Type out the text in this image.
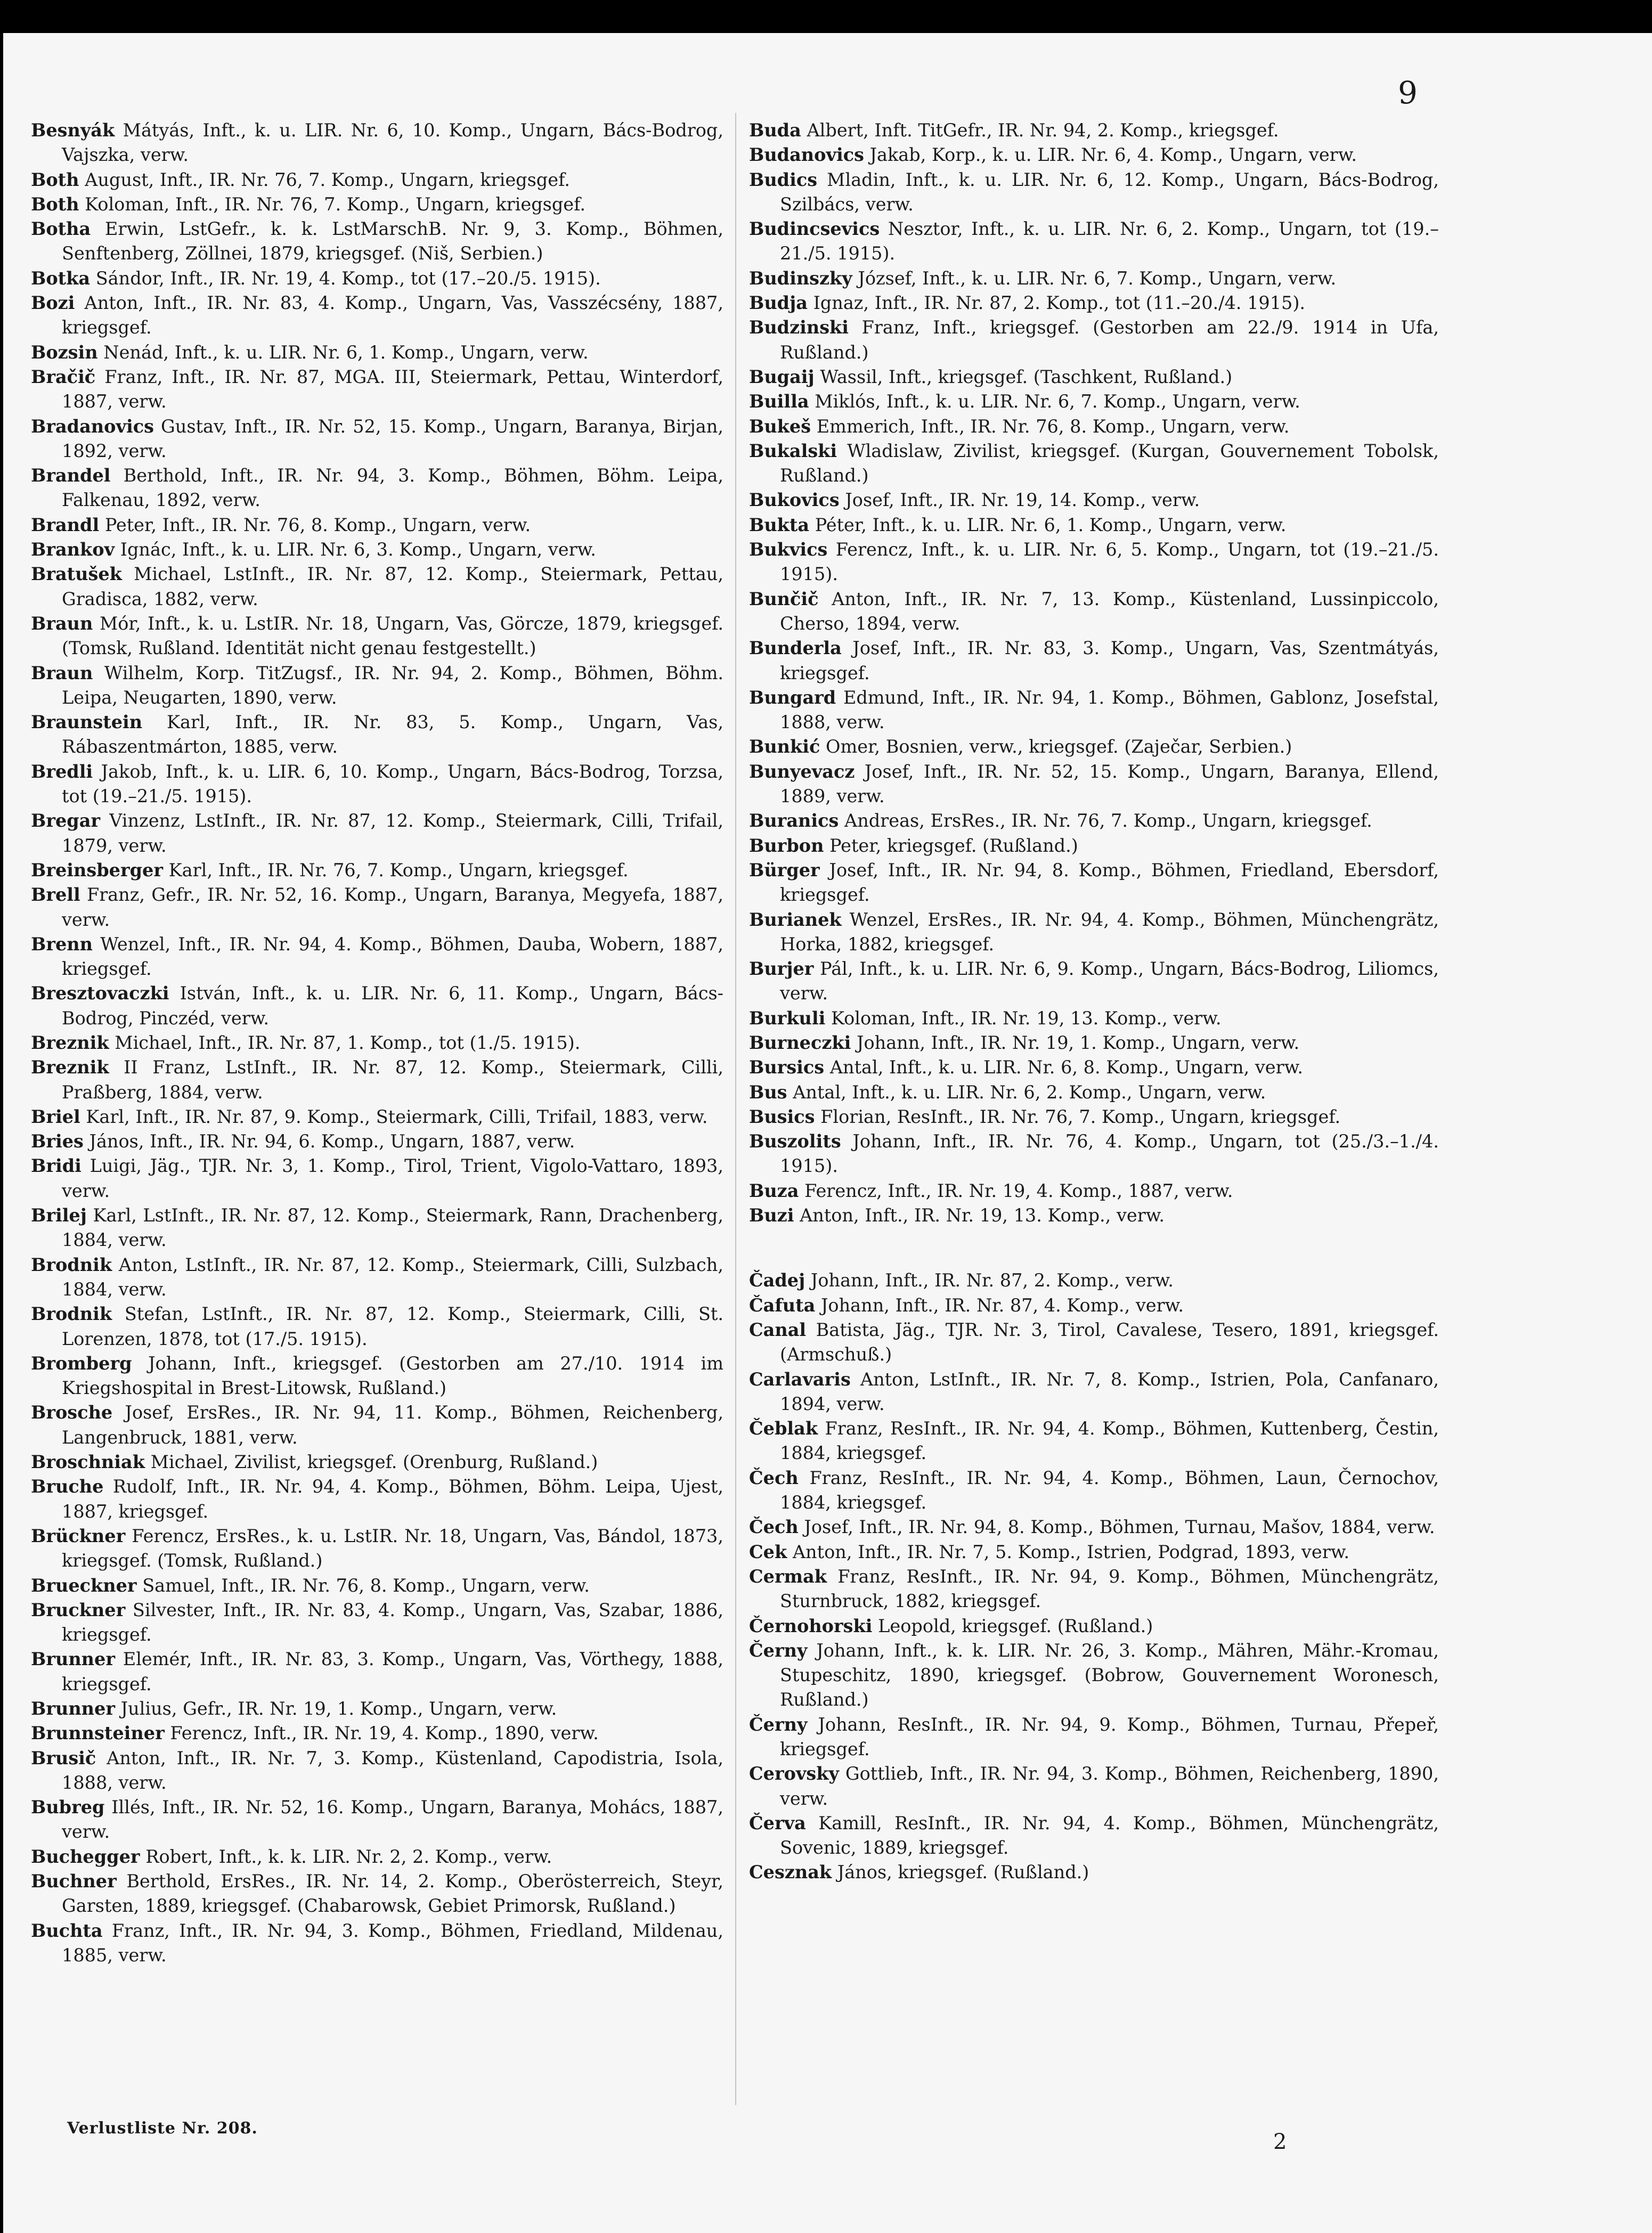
9

Besnyák Mátyás, Inft., k. u. LIR. Nr. 6, 10. Komp., Ungarn, Bács-Bodrog, Vajszka, verw.

Both August, Inft., IR. Nr. 76, 7. Komp., Ungarn, kriegsgef.

Both Koloman, Inft., IR. Nr. 76, 7. Komp., Ungarn, kriegsgef.

Botha Erwin, LstGefr., k. k. LstMarschB. Nr. 9, 3. Komp., Böhmen, Senftenberg, Zöllnei, 1879, kriegsgef. (Niš, Serbien.)

Botka Sándor, Inft., IR. Nr. 19, 4. Komp., tot (17.–20./5. 1915).

Bozi Anton, Inft., IR. Nr. 83, 4. Komp., Ungarn, Vas, Vasszécsény, 1887, kriegsgef.

Bozsin Nenád, Inft., k. u. LIR. Nr. 6, 1. Komp., Ungarn, verw.

Bračič Franz, Inft., IR. Nr. 87, MGA. III, Steiermark, Pettau, Winterdorf, 1887, verw.

Bradanovics Gustav, Inft., IR. Nr. 52, 15. Komp., Ungarn, Baranya, Birjan, 1892, verw.

Brandel Berthold, Inft., IR. Nr. 94, 3. Komp., Böhmen, Böhm. Leipa, Falkenau, 1892, verw.

Brandl Peter, Inft., IR. Nr. 76, 8. Komp., Ungarn, verw.

Brankov Ignác, Inft., k. u. LIR. Nr. 6, 3. Komp., Ungarn, verw.

Bratušek Michael, LstInft., IR. Nr. 87, 12. Komp., Steiermark, Pettau, Gradisca, 1882, verw.

Braun Mór, Inft., k. u. LstIR. Nr. 18, Ungarn, Vas, Görcze, 1879, kriegsgef. (Tomsk, Rußland. Identität nicht genau festgestellt.)

Braun Wilhelm, Korp. TitZugsf., IR. Nr. 94, 2. Komp., Böhmen, Böhm. Leipa, Neugarten, 1890, verw.

Braunstein Karl, Inft., IR. Nr. 83, 5. Komp., Ungarn, Vas, Rábaszentmárton, 1885, verw.

Bredli Jakob, Inft., k. u. LIR. 6, 10. Komp., Ungarn, Bács-Bodrog, Torzsa, tot (19.–21./5. 1915).

Bregar Vinzenz, LstInft., IR. Nr. 87, 12. Komp., Steiermark, Cilli, Trifail, 1879, verw.

Breinsberger Karl, Inft., IR. Nr. 76, 7. Komp., Ungarn, kriegsgef.

Brell Franz, Gefr., IR. Nr. 52, 16. Komp., Ungarn, Baranya, Megyefa, 1887, verw.

Brenn Wenzel, Inft., IR. Nr. 94, 4. Komp., Böhmen, Dauba, Wobern, 1887, kriegsgef.

Bresztovaczki István, Inft., k. u. LIR. Nr. 6, 11. Komp., Ungarn, Bács-Bodrog, Pinczéd, verw.

Breznik Michael, Inft., IR. Nr. 87, 1. Komp., tot (1./5. 1915).

Breznik II Franz, LstInft., IR. Nr. 87, 12. Komp., Steiermark, Cilli, Praßberg, 1884, verw.

Briel Karl, Inft., IR. Nr. 87, 9. Komp., Steiermark, Cilli, Trifail, 1883, verw.

Bries János, Inft., IR. Nr. 94, 6. Komp., Ungarn, 1887, verw.

Bridi Luigi, Jäg., TJR. Nr. 3, 1. Komp., Tirol, Trient, Vigolo-Vattaro, 1893, verw.

Brilej Karl, LstInft., IR. Nr. 87, 12. Komp., Steiermark, Rann, Drachenberg, 1884, verw.

Brodnik Anton, LstInft., IR. Nr. 87, 12. Komp., Steiermark, Cilli, Sulzbach, 1884, verw.

Brodnik Stefan, LstInft., IR. Nr. 87, 12. Komp., Steiermark, Cilli, St. Lorenzen, 1878, tot (17./5. 1915).

Bromberg Johann, Inft., kriegsgef. (Gestorben am 27./10. 1914 im Kriegshospital in Brest-Litowsk, Rußland.)

Brosche Josef, ErsRes., IR. Nr. 94, 11. Komp., Böhmen, Reichenberg, Langenbruck, 1881, verw.

Broschniak Michael, Zivilist, kriegsgef. (Orenburg, Rußland.)

Bruche Rudolf, Inft., IR. Nr. 94, 4. Komp., Böhmen, Böhm. Leipa, Ujest, 1887, kriegsgef.

Brückner Ferencz, ErsRes., k. u. LstIR. Nr. 18, Ungarn, Vas, Bándol, 1873, kriegsgef. (Tomsk, Rußland.)

Brueckner Samuel, Inft., IR. Nr. 76, 8. Komp., Ungarn, verw.

Bruckner Silvester, Inft., IR. Nr. 83, 4. Komp., Ungarn, Vas, Szabar, 1886, kriegsgef.

Brunner Elemér, Inft., IR. Nr. 83, 3. Komp., Ungarn, Vas, Vörthegy, 1888, kriegsgef.

Brunner Julius, Gefr., IR. Nr. 19, 1. Komp., Ungarn, verw.

Brunnsteiner Ferencz, Inft., IR. Nr. 19, 4. Komp., 1890, verw.

Brusič Anton, Inft., IR. Nr. 7, 3. Komp., Küstenland, Capodistria, Isola, 1888, verw.

Bubreg Illés, Inft., IR. Nr. 52, 16. Komp., Ungarn, Baranya, Mohács, 1887, verw.

Buchegger Robert, Inft., k. k. LIR. Nr. 2, 2. Komp., verw.

Buchner Berthold, ErsRes., IR. Nr. 14, 2. Komp., Oberösterreich, Steyr, Garsten, 1889, kriegsgef. (Chabarowsk, Gebiet Primorsk, Rußland.)

Buchta Franz, Inft., IR. Nr. 94, 3. Komp., Böhmen, Friedland, Mildenau, 1885, verw.

Buda Albert, Inft. TitGefr., IR. Nr. 94, 2. Komp., kriegsgef.

Budanovics Jakab, Korp., k. u. LIR. Nr. 6, 4. Komp., Ungarn, verw.

Budics Mladin, Inft., k. u. LIR. Nr. 6, 12. Komp., Ungarn, Bács-Bodrog, Szilbács, verw.

Budincsevics Nesztor, Inft., k. u. LIR. Nr. 6, 2. Komp., Ungarn, tot (19.–21./5. 1915).

Budinszky József, Inft., k. u. LIR. Nr. 6, 7. Komp., Ungarn, verw.

Budja Ignaz, Inft., IR. Nr. 87, 2. Komp., tot (11.–20./4. 1915).

Budzinski Franz, Inft., kriegsgef. (Gestorben am 22./9. 1914 in Ufa, Rußland.)

Bugaij Wassil, Inft., kriegsgef. (Taschkent, Rußland.)

Builla Miklós, Inft., k. u. LIR. Nr. 6, 7. Komp., Ungarn, verw.

Bukeš Emmerich, Inft., IR. Nr. 76, 8. Komp., Ungarn, verw.

Bukalski Wladislaw, Zivilist, kriegsgef. (Kurgan, Gouvernement Tobolsk, Rußland.)

Bukovics Josef, Inft., IR. Nr. 19, 14. Komp., verw.

Bukta Péter, Inft., k. u. LIR. Nr. 6, 1. Komp., Ungarn, verw.

Bukvics Ferencz, Inft., k. u. LIR. Nr. 6, 5. Komp., Ungarn, tot (19.–21./5. 1915).

Bunčič Anton, Inft., IR. Nr. 7, 13. Komp., Küstenland, Lussinpiccolo, Cherso, 1894, verw.

Bunderla Josef, Inft., IR. Nr. 83, 3. Komp., Ungarn, Vas, Szentmátyás, kriegsgef.

Bungard Edmund, Inft., IR. Nr. 94, 1. Komp., Böhmen, Gablonz, Josefstal, 1888, verw.

Bunkić Omer, Bosnien, verw., kriegsgef. (Zaječar, Serbien.)

Bunyevacz Josef, Inft., IR. Nr. 52, 15. Komp., Ungarn, Baranya, Ellend, 1889, verw.

Buranics Andreas, ErsRes., IR. Nr. 76, 7. Komp., Ungarn, kriegsgef.

Burbon Peter, kriegsgef. (Rußland.)

Bürger Josef, Inft., IR. Nr. 94, 8. Komp., Böhmen, Friedland, Ebersdorf, kriegsgef.

Burianek Wenzel, ErsRes., IR. Nr. 94, 4. Komp., Böhmen, Münchengrätz, Horka, 1882, kriegsgef.

Burjer Pál, Inft., k. u. LIR. Nr. 6, 9. Komp., Ungarn, Bács-Bodrog, Liliomcs, verw.

Burkuli Koloman, Inft., IR. Nr. 19, 13. Komp., verw.

Burneczki Johann, Inft., IR. Nr. 19, 1. Komp., Ungarn, verw.

Bursics Antal, Inft., k. u. LIR. Nr. 6, 8. Komp., Ungarn, verw.

Bus Antal, Inft., k. u. LIR. Nr. 6, 2. Komp., Ungarn, verw.

Busics Florian, ResInft., IR. Nr. 76, 7. Komp., Ungarn, kriegsgef.

Buszolits Johann, Inft., IR. Nr. 76, 4. Komp., Ungarn, tot (25./3.–1./4. 1915).

Buza Ferencz, Inft., IR. Nr. 19, 4. Komp., 1887, verw.

Buzi Anton, Inft., IR. Nr. 19, 13. Komp., verw.

Čadej Johann, Inft., IR. Nr. 87, 2. Komp., verw.

Čafuta Johann, Inft., IR. Nr. 87, 4. Komp., verw.

Canal Batista, Jäg., TJR. Nr. 3, Tirol, Cavalese, Tesero, 1891, kriegsgef. (Armschuß.)

Carlavaris Anton, LstInft., IR. Nr. 7, 8. Komp., Istrien, Pola, Canfanaro, 1894, verw.

Čeblak Franz, ResInft., IR. Nr. 94, 4. Komp., Böhmen, Kuttenberg, Čestin, 1884, kriegsgef.

Čech Franz, ResInft., IR. Nr. 94, 4. Komp., Böhmen, Laun, Černochov, 1884, kriegsgef.

Čech Josef, Inft., IR. Nr. 94, 8. Komp., Böhmen, Turnau, Mašov, 1884, verw.

Cek Anton, Inft., IR. Nr. 7, 5. Komp., Istrien, Podgrad, 1893, verw.

Cermak Franz, ResInft., IR. Nr. 94, 9. Komp., Böhmen, Münchengrätz, Sturnbruck, 1882, kriegsgef.

Černohorski Leopold, kriegsgef. (Rußland.)

Černy Johann, Inft., k. k. LIR. Nr. 26, 3. Komp., Mähren, Mähr.-Kromau, Stupeschitz, 1890, kriegsgef. (Bobrow, Gouvernement Woronesch, Rußland.)

Černy Johann, ResInft., IR. Nr. 94, 9. Komp., Böhmen, Turnau, Přepeř, kriegsgef.

Cerovsky Gottlieb, Inft., IR. Nr. 94, 3. Komp., Böhmen, Reichenberg, 1890, verw.

Červa Kamill, ResInft., IR. Nr. 94, 4. Komp., Böhmen, Münchengrätz, Sovenic, 1889, kriegsgef.

Cesznak János, kriegsgef. (Rußland.)

Verlustliste Nr. 208.
2
